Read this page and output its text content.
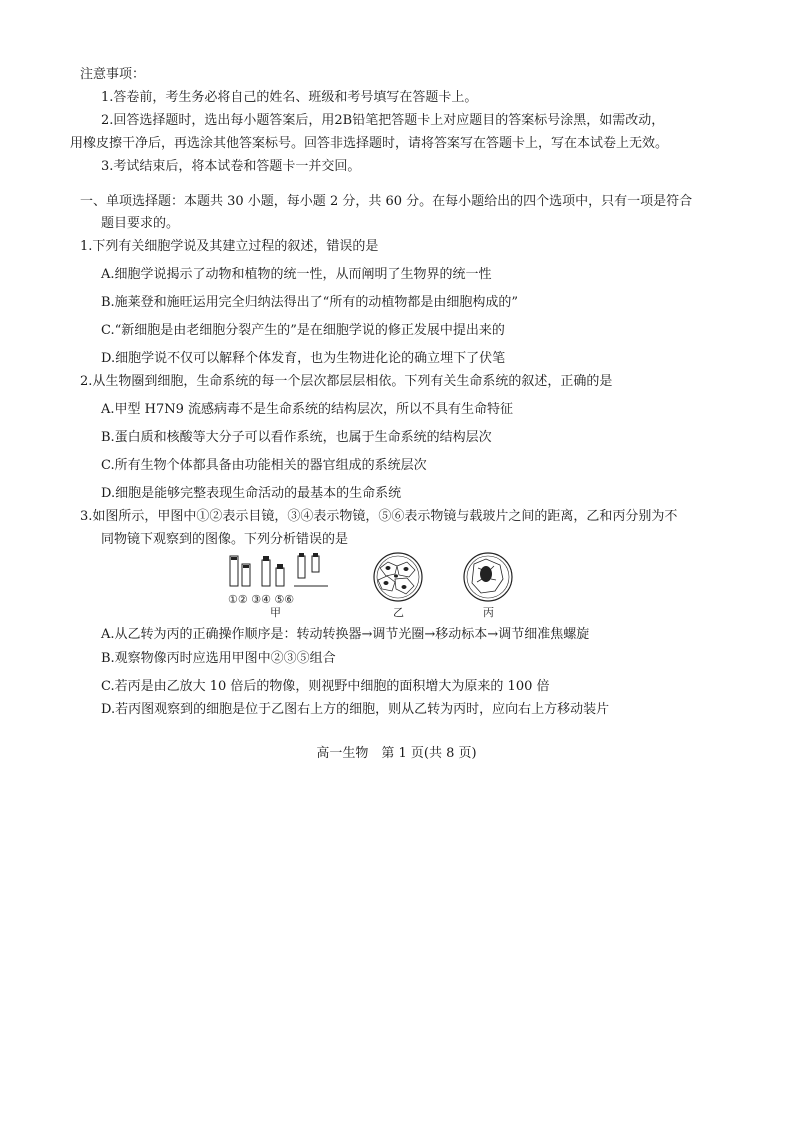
注意事项：
1.答卷前，考生务必将自己的姓名、班级和考号填写在答题卡上。
2.回答选择题时，选出每小题答案后，用2B铅笔把答题卡上对应题目的答案标号涂黑，如需改动，
用橡皮擦干净后，再选涂其他答案标号。回答非选择题时，请将答案写在答题卡上，写在本试卷上无效。
3.考试结束后，将本试卷和答题卡一并交回。
一、单项选择题：本题共 30 小题，每小题 2 分，共 60 分。在每小题给出的四个选项中，只有一项是符合
题目要求的。
1.下列有关细胞学说及其建立过程的叙述，错误的是
A.细胞学说揭示了动物和植物的统一性，从而阐明了生物界的统一性
B.施莱登和施旺运用完全归纳法得出了“所有的动植物都是由细胞构成的”
C.“新细胞是由老细胞分裂产生的”是在细胞学说的修正发展中提出来的
D.细胞学说不仅可以解释个体发育，也为生物进化论的确立埋下了伏笔
2.从生物圈到细胞，生命系统的每一个层次都层层相依。下列有关生命系统的叙述，正确的是
A.甲型 H7N9 流感病毒不是生命系统的结构层次，所以不具有生命特征
B.蛋白质和核酸等大分子可以看作系统，也属于生命系统的结构层次
C.所有生物个体都具备由功能相关的器官组成的系统层次
D.细胞是能够完整表现生命活动的最基本的生命系统
3.如图所示，甲图中①②表示目镜，③④表示物镜，⑤⑥表示物镜与载玻片之间的距离，乙和丙分别为不
同物镜下观察到的图像。下列分析错误的是
①② ③④ ⑤⑥
甲	乙	丙
A.从乙转为丙的正确操作顺序是：转动转换器→调节光圈→移动标本→调节细准焦螺旋
B.观察物像丙时应选用甲图中②③⑤组合
C.若丙是由乙放大 10 倍后的物像，则视野中细胞的面积增大为原来的 100 倍
D.若丙图观察到的细胞是位于乙图右上方的细胞，则从乙转为丙时，应向右上方移动装片
高一生物　第 1 页(共 8 页)
